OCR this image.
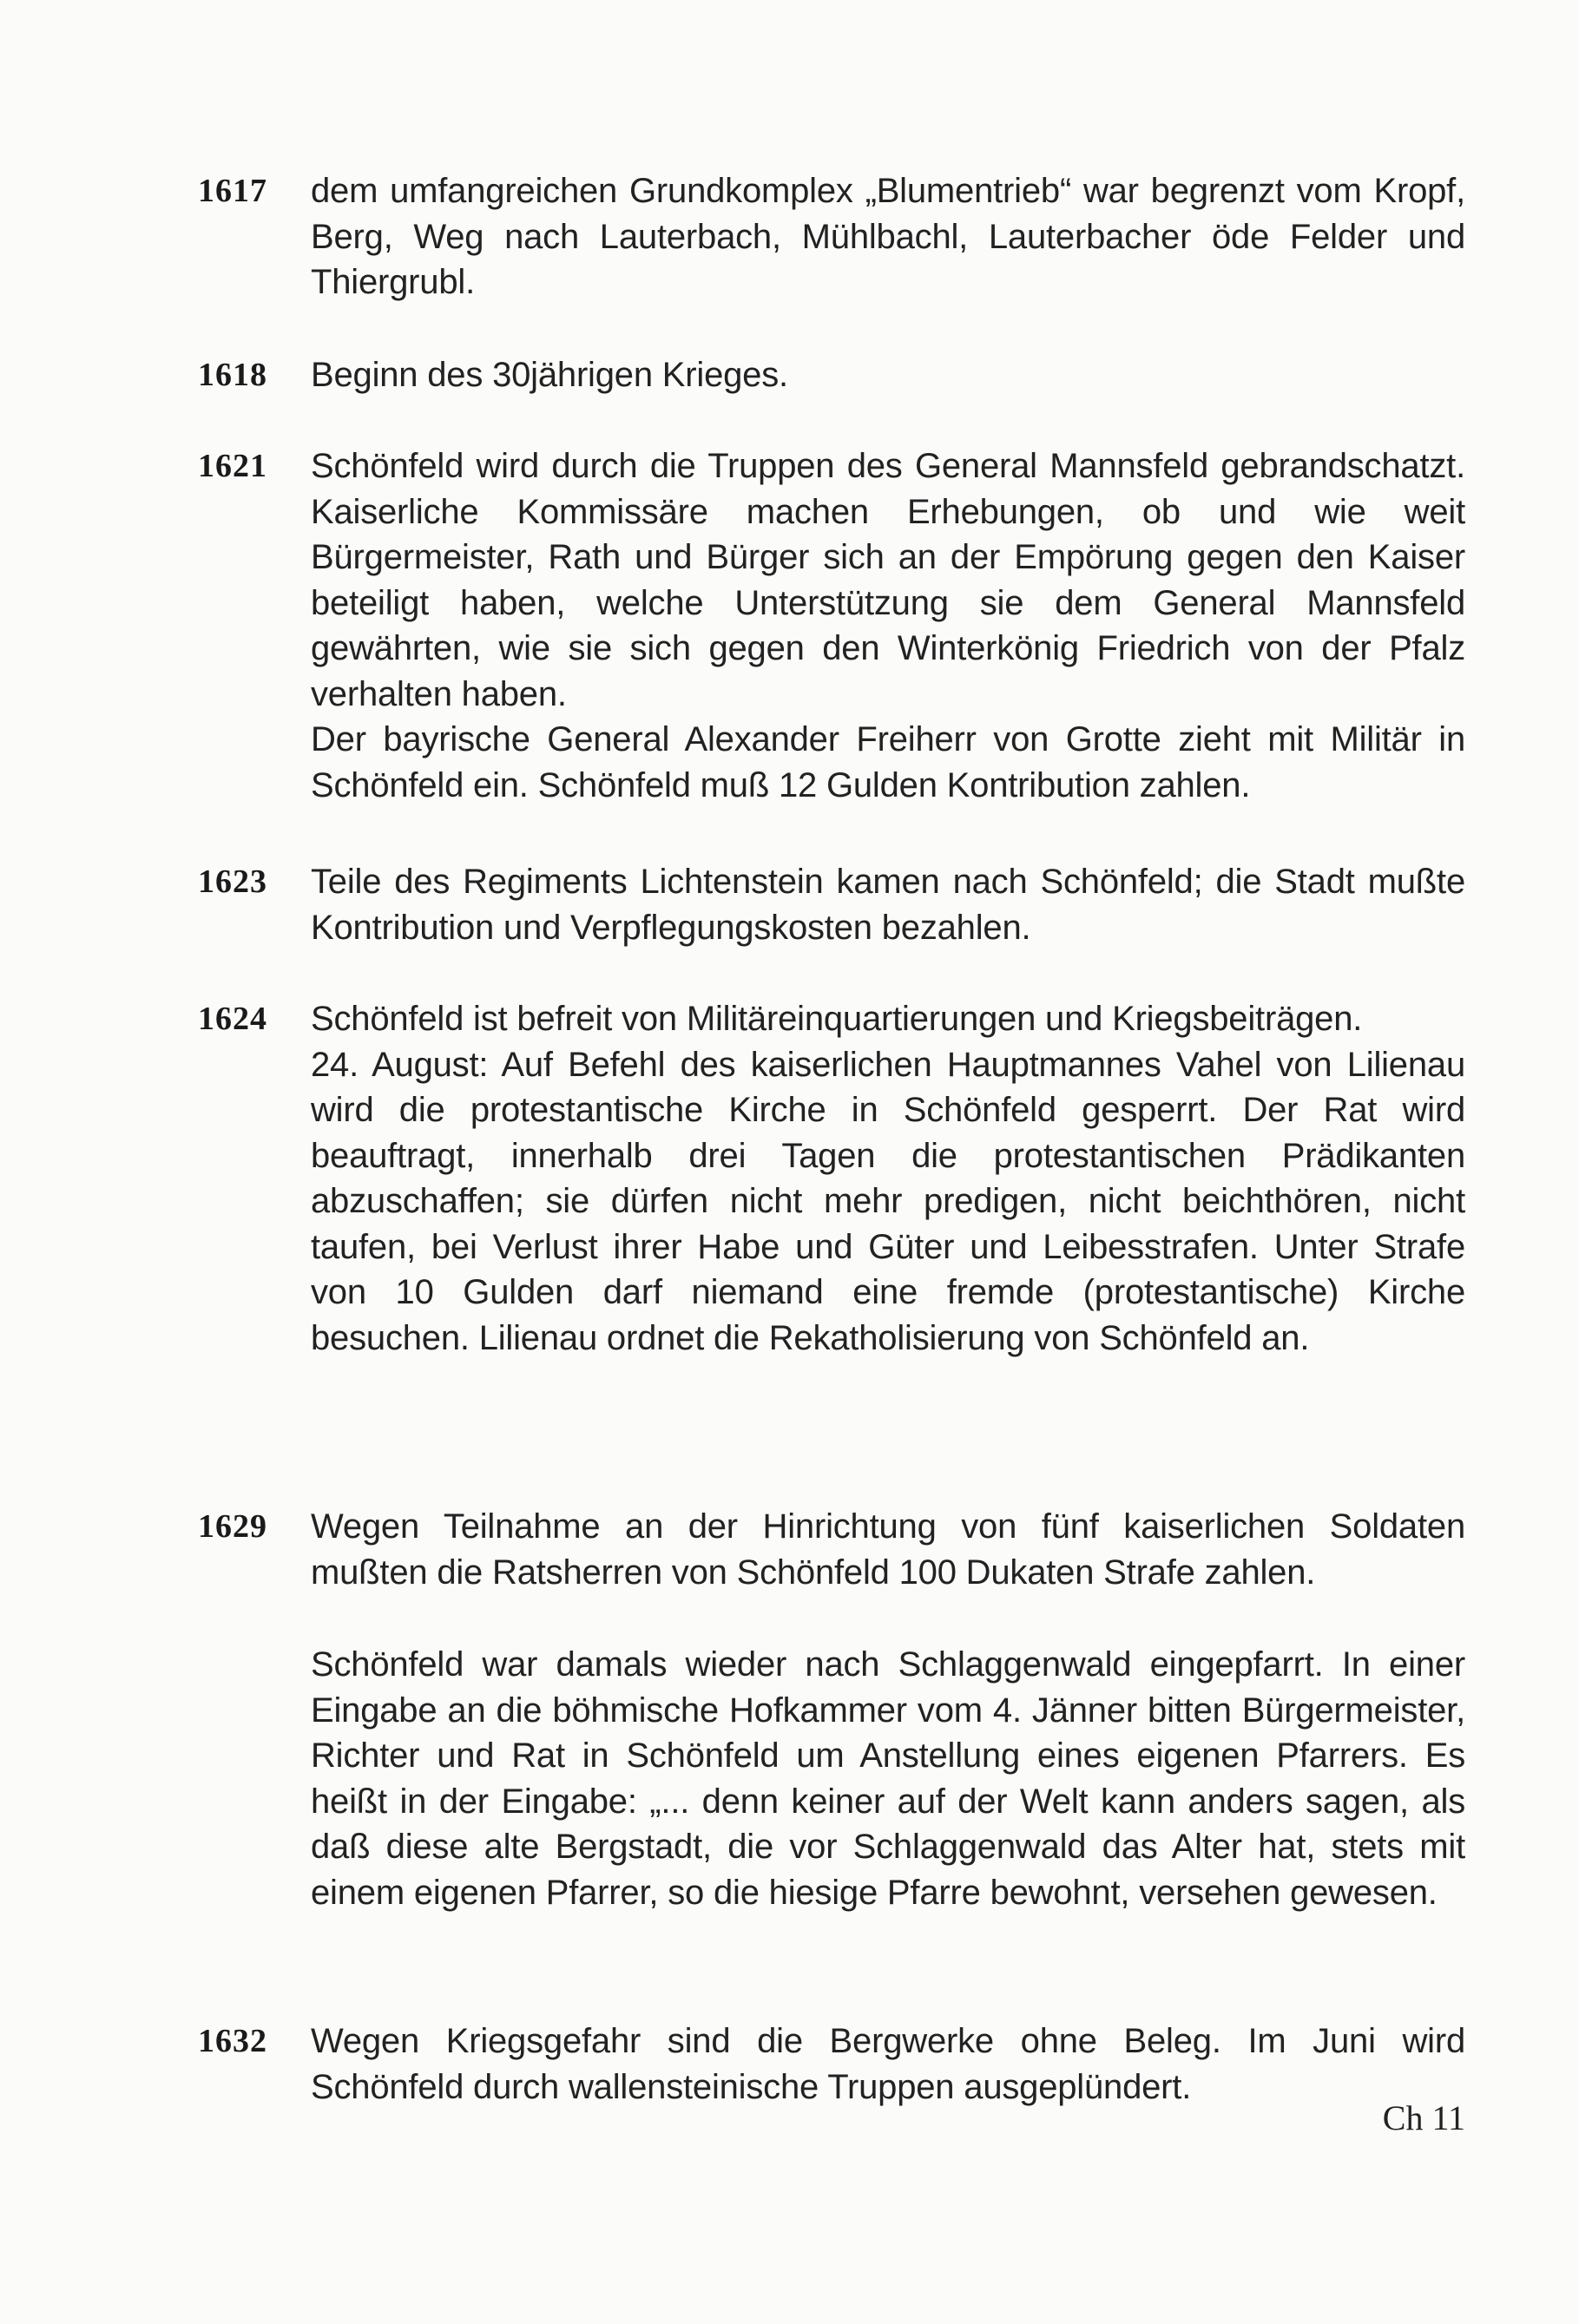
1617	dem umfangreichen Grundkomplex „Blumentrieb“ war begrenzt vom Kropf, Berg, Weg nach Lauterbach, Mühlbachl, Lauterbacher öde Felder und Thiergrubl.

1618	Beginn des 30jährigen Krieges.

1621	Schönfeld wird durch die Truppen des General Mannsfeld gebrandschatzt. Kaiserliche Kommissäre machen Erhebungen, ob und wie weit Bürgermeister, Rath und Bürger sich an der Empörung gegen den Kaiser beteiligt haben, welche Unterstützung sie dem General Mannsfeld gewährten, wie sie sich gegen den Winterkönig Friedrich von der Pfalz verhalten haben.

Der bayrische General Alexander Freiherr von Grotte zieht mit Militär in Schönfeld ein. Schönfeld muß 12 Gulden Kontribution zahlen.

1623	Teile des Regiments Lichtenstein kamen nach Schönfeld; die Stadt mußte Kontribution und Verpflegungskosten bezahlen.

1624	Schönfeld ist befreit von Militäreinquartierungen und Kriegsbeiträgen.

24. August: Auf Befehl des kaiserlichen Hauptmannes Vahel von Lilienau wird die protestantische Kirche in Schönfeld gesperrt. Der Rat wird beauftragt, innerhalb drei Tagen die protestantischen Prädikanten abzuschaffen; sie dürfen nicht mehr predigen, nicht beichthören, nicht taufen, bei Verlust ihrer Habe und Güter und Leibesstrafen. Unter Strafe von 10 Gulden darf niemand eine fremde (protestantische) Kirche besuchen. Lilienau ordnet die Rekatholisierung von Schönfeld an.

1629	Wegen Teilnahme an der Hinrichtung von fünf kaiserlichen Soldaten mußten die Ratsherren von Schönfeld 100 Dukaten Strafe zahlen.

Schönfeld war damals wieder nach Schlaggenwald eingepfarrt. In einer Eingabe an die böhmische Hofkammer vom 4. Jänner bitten Bürgermeister, Richter und Rat in Schönfeld um Anstellung eines eigenen Pfarrers. Es heißt in der Eingabe: „... denn keiner auf der Welt kann anders sagen, als daß diese alte Bergstadt, die vor Schlaggenwald das Alter hat, stets mit einem eigenen Pfarrer, so die hiesige Pfarre bewohnt, versehen gewesen.

1632	Wegen Kriegsgefahr sind die Bergwerke ohne Beleg. Im Juni wird Schönfeld durch wallensteinische Truppen ausgeplündert.

Ch 11
